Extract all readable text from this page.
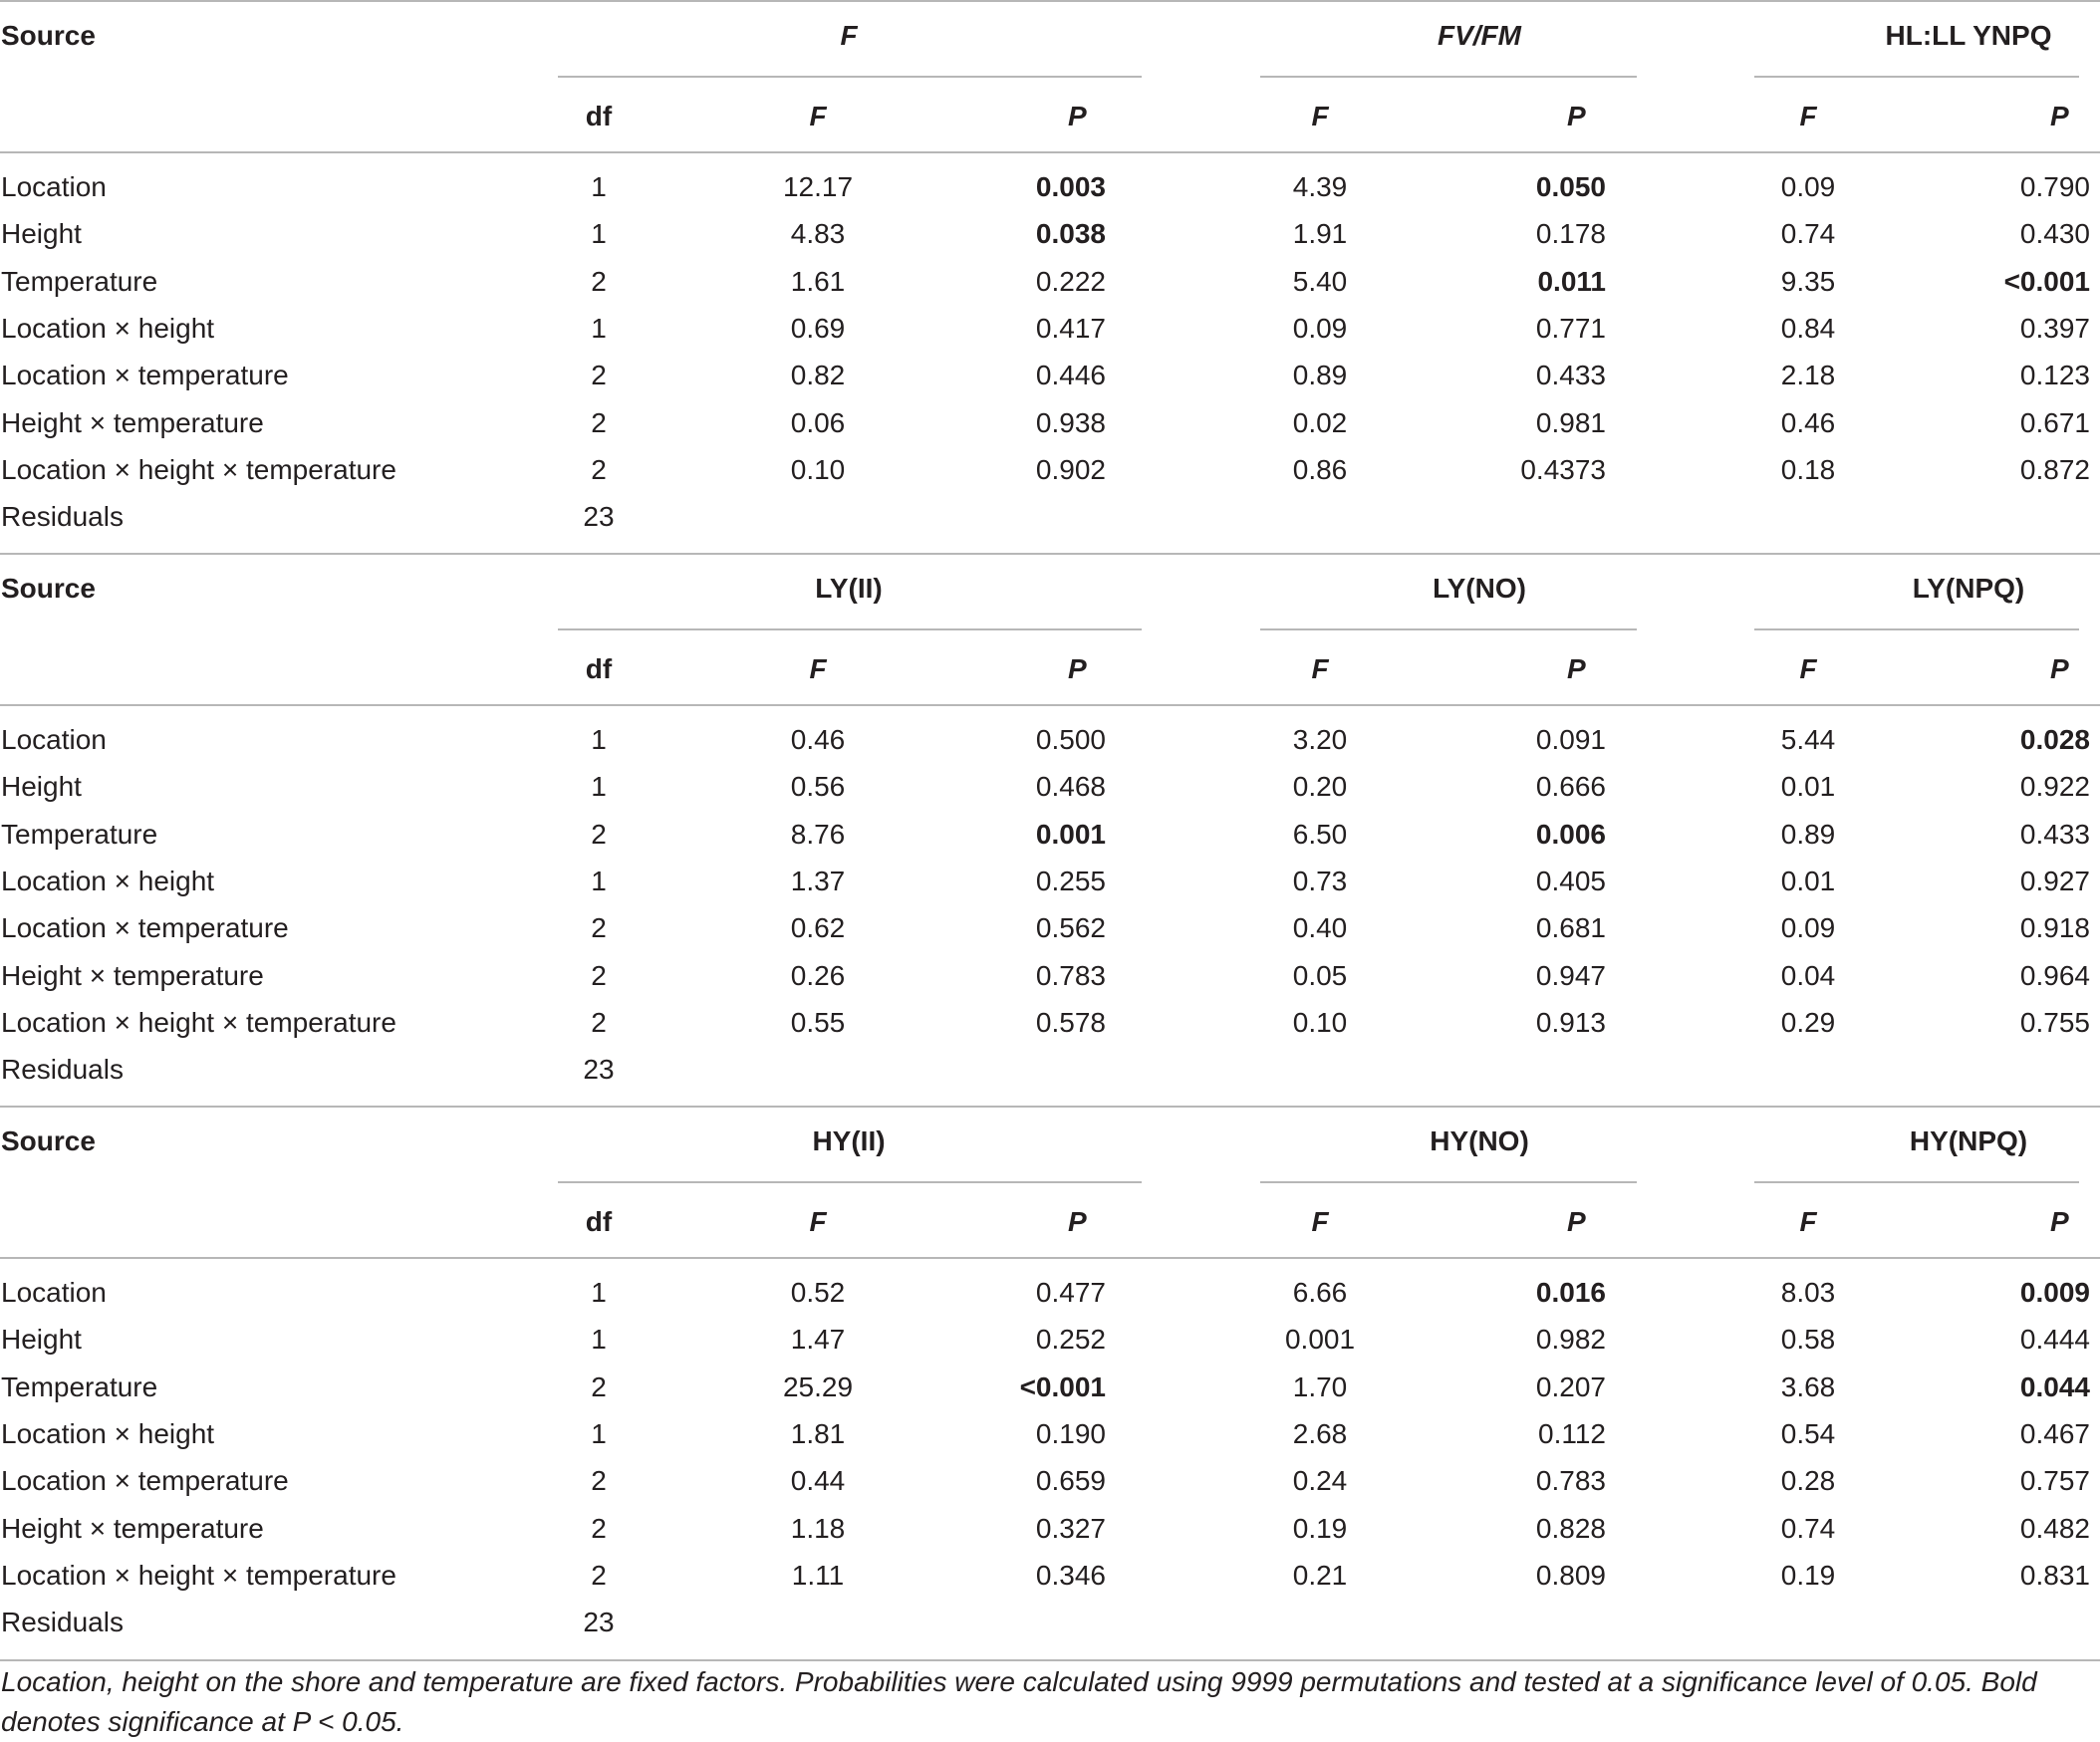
Source	F	FV/FM	HL:LL YNPQ
df	F	P	F	P	F	P
Location	1	12.17	0.003	4.39	0.050	0.09	0.790
Height	1	4.83	0.038	1.91	0.178	0.74	0.430
Temperature	2	1.61	0.222	5.40	0.011	9.35	<0.001
Location × height	1	0.69	0.417	0.09	0.771	0.84	0.397
Location × temperature	2	0.82	0.446	0.89	0.433	2.18	0.123
Height × temperature	2	0.06	0.938	0.02	0.981	0.46	0.671
Location × height × temperature	2	0.10	0.902	0.86	0.4373	0.18	0.872
Residuals	23
Source	LY(II)	LY(NO)	LY(NPQ)
df	F	P	F	P	F	P
Location	1	0.46	0.500	3.20	0.091	5.44	0.028
Height	1	0.56	0.468	0.20	0.666	0.01	0.922
Temperature	2	8.76	0.001	6.50	0.006	0.89	0.433
Location × height	1	1.37	0.255	0.73	0.405	0.01	0.927
Location × temperature	2	0.62	0.562	0.40	0.681	0.09	0.918
Height × temperature	2	0.26	0.783	0.05	0.947	0.04	0.964
Location × height × temperature	2	0.55	0.578	0.10	0.913	0.29	0.755
Residuals	23
Source	HY(II)	HY(NO)	HY(NPQ)
df	F	P	F	P	F	P
Location	1	0.52	0.477	6.66	0.016	8.03	0.009
Height	1	1.47	0.252	0.001	0.982	0.58	0.444
Temperature	2	25.29	<0.001	1.70	0.207	3.68	0.044
Location × height	1	1.81	0.190	2.68	0.112	0.54	0.467
Location × temperature	2	0.44	0.659	0.24	0.783	0.28	0.757
Height × temperature	2	1.18	0.327	0.19	0.828	0.74	0.482
Location × height × temperature	2	1.11	0.346	0.21	0.809	0.19	0.831
Residuals	23
Location, height on the shore and temperature are fixed factors. Probabilities were calculated using 9999 permutations and tested at a significance level of 0.05. Bold denotes significance at P < 0.05.
